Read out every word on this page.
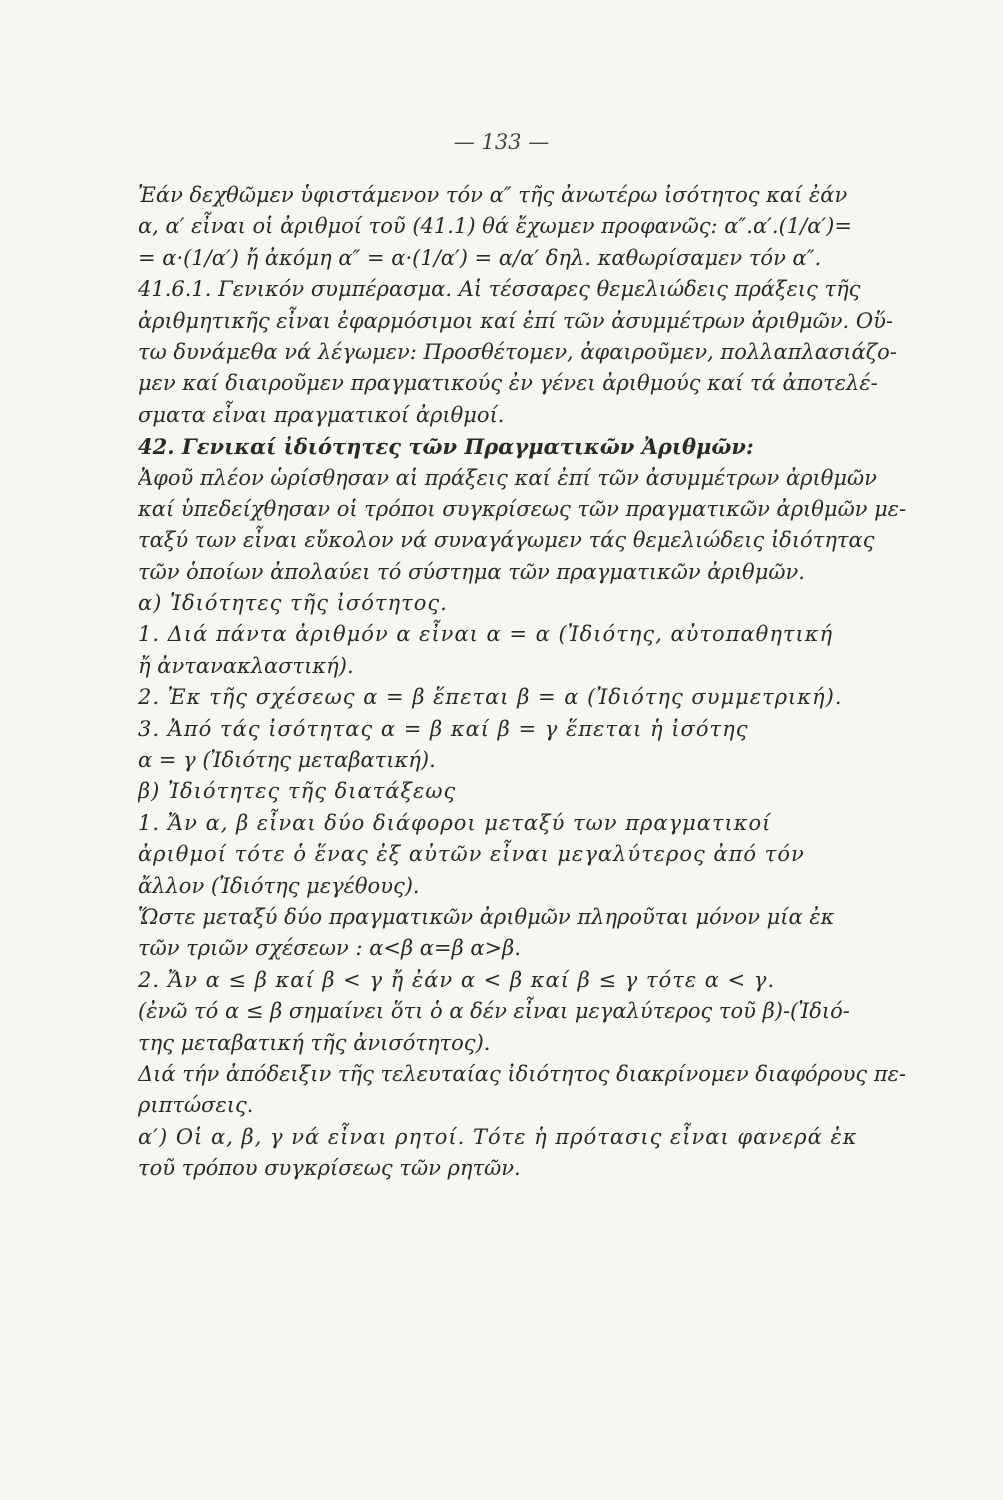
— 133 —
Ἐάν δεχθῶμεν ὑφιστάμενον τόν α″ τῆς ἀνωτέρω ἰσότητος καί ἐάν
α, α′ εἶναι οἱ ἀριθμοί τοῦ (41.1) θά ἔχωμεν προφανῶς: α″.α′.(1/α′)=
= α·(1/α′) ἤ ἀκόμη α″ = α·(1/α′) = α/α′ δηλ. καθωρίσαμεν τόν α″.
41.6.1. Γενικόν συμπέρασμα. Αἱ τέσσαρες θεμελιώδεις πράξεις τῆς
ἀριθμητικῆς εἶναι ἐφαρμόσιμοι καί ἐπί τῶν ἀσυμμέτρων ἀριθμῶν. Οὕ-
τω δυνάμεθα νά λέγωμεν: Προσθέτομεν, ἀφαιροῦμεν, πολλαπλασιάζο-
μεν καί διαιροῦμεν πραγματικούς ἐν γένει ἀριθμούς καί τά ἀποτελέ-
σματα εἶναι πραγματικοί ἀριθμοί.
42. Γενικαί ἰδιότητες τῶν Πραγματικῶν Ἀριθμῶν:
Ἀφοῦ πλέον ὡρίσθησαν αἱ πράξεις καί ἐπί τῶν ἀσυμμέτρων ἀριθμῶν
καί ὑπεδείχθησαν οἱ τρόποι συγκρίσεως τῶν πραγματικῶν ἀριθμῶν με-
ταξύ των εἶναι εὔκολον νά συναγάγωμεν τάς θεμελιώδεις ἰδιότητας
τῶν ὁποίων ἀπολαύει τό σύστημα τῶν πραγματικῶν ἀριθμῶν.
α) Ἰδιότητες τῆς ἰσότητος.
1. Διά πάντα ἀριθμόν α εἶναι α = α (Ἰδιότης, αὐτοπαθητική
ἤ ἀντανακλαστική).
2. Ἐκ τῆς σχέσεως α = β ἕπεται β = α (Ἰδιότης συμμετρική).
3. Ἀπό τάς ἰσότητας α = β καί β = γ ἕπεται ἡ ἰσότης
α = γ (Ἰδιότης μεταβατική).
β) Ἰδιότητες τῆς διατάξεως
1. Ἄν α, β εἶναι δύο διάφοροι μεταξύ των πραγματικοί
ἀριθμοί τότε ὁ ἕνας ἐξ αὐτῶν εἶναι μεγαλύτερος ἀπό τόν
ἄλλον (Ἰδιότης μεγέθους).
Ὥστε μεταξύ δύο πραγματικῶν ἀριθμῶν πληροῦται μόνον μία ἐκ
τῶν τριῶν σχέσεων : α<β α=β α>β.
2. Ἄν α ≤ β καί β < γ ἤ ἐάν α < β καί β ≤ γ τότε α < γ.
(ἐνῶ τό α ≤ β σημαίνει ὅτι ὁ α δέν εἶναι μεγαλύτερος τοῦ β)-(Ἰδιό-
της μεταβατική τῆς ἀνισότητος).
Διά τήν ἀπόδειξιν τῆς τελευταίας ἰδιότητος διακρίνομεν διαφόρους πε-
ριπτώσεις.
α′) Οἱ α, β, γ νά εἶναι ρητοί. Τότε ἡ πρότασις εἶναι φανερά ἐκ
τοῦ τρόπου συγκρίσεως τῶν ρητῶν.
